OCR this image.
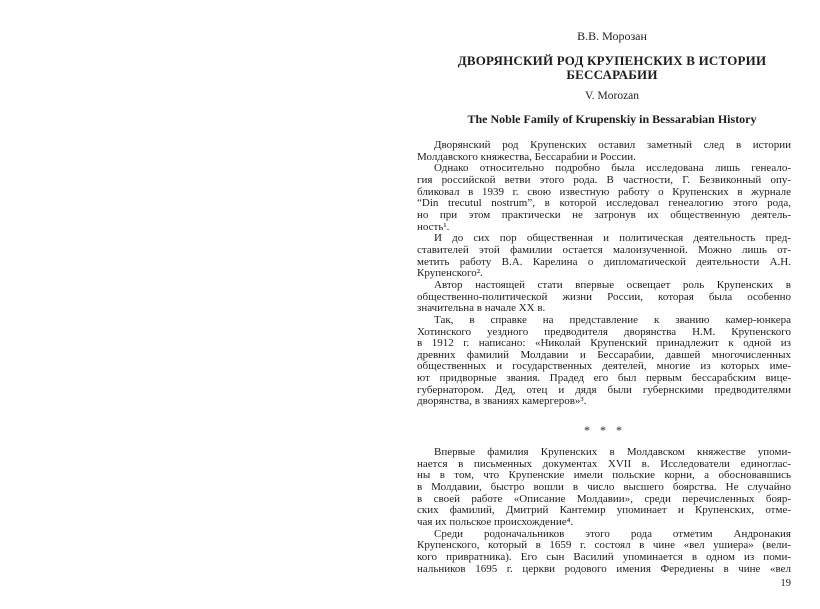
В.В. Морозан
ДВОРЯНСКИЙ РОД КРУПЕНСКИХ В ИСТОРИИ
БЕССАРАБИИ
V. Morozan
The Noble Family of Krupenskiy in Bessarabian History

Дворянский род Крупенских оставил заметный след в истории
Молдавского княжества, Бессарабии и России.

Однако относительно подробно была исследована лишь генеало-
гия российской ветви этого рода. В частности, Г. Безвиконный опу-
бликовал в 1939 г. свою известную работу о Крупенских в журнале
“Din trecutul nostrum”, в которой исследовал генеалогию этого рода,
но при этом практически не затронув их общественную деятель-
ность¹.

И до сих пор общественная и политическая деятельность пред-
ставителей этой фамилии остается малоизученной. Можно лишь от-
метить работу В.А. Карелина о дипломатической деятельности А.Н.
Крупенского².

Автор настоящей стати впервые освещает роль Крупенских в
общественно-политической жизни России, которая была особенно
значительна в начале XX в.

Так, в справке на представление к званию камер-юнкера
Хотинского уездного предводителя дворянства Н.М. Крупенского
в 1912 г. написано: «Николай Крупенский принадлежит к одной из
древних фамилий Молдавии и Бессарабии, давшей многочисленных
общественных и государственных деятелей, многие из которых име-
ют придворные звания. Прадед его был первым бессарабским вице-
губернатором. Дед, отец и дядя были губернскими предводителями
дворянства, в званиях камергеров»³.

* * *

Впервые фамилия Крупенских в Молдавском княжестве упоми-
нается в письменных документах XVII в. Исследователи единоглас-
ны в том, что Крупенские имели польские корни, а обосновавшись
в Молдавии, быстро вошли в число высшего боярства. Не случайно
в своей работе «Описание Молдавии», среди перечисленных бояр-
ских фамилий, Дмитрий Кантемир упоминает и Крупенских, отме-
чая их польское происхождение⁴.

Среди родоначальников этого рода отметим Андронакия
Крупенского, который в 1659 г. состоял в чине «вел ушиера» (вели-
кого привратника). Его сын Василий упоминается в одном из поми-
нальников 1695 г. церкви родового имения Фередиены в чине «вел

19
